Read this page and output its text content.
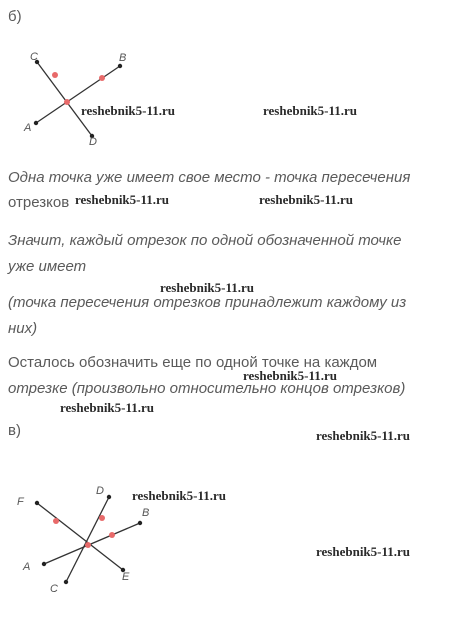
б)
C	B
A
D
F
D
B
A
C
E
reshebnik5-11.ru	reshebnik5-11.ru
Одна точка уже имеет свое место - точка пересечения
отрезков reshebnik5-11.ru	reshebnik5-11.ru
Значит, каждый отрезок по одной обозначенной точке
уже имеет
reshebnik5-11.ru
(точка пересечения отрезков принадлежит каждому из
них)
Осталось обозначить еще по одной точке на каждом
reshebnik5-11.ru
отрезке (произвольно относительно концов отрезков)
reshebnik5-11.ru
в)	reshebnik5-11.ru
reshebnik5-11.ru
reshebnik5-11.ru
